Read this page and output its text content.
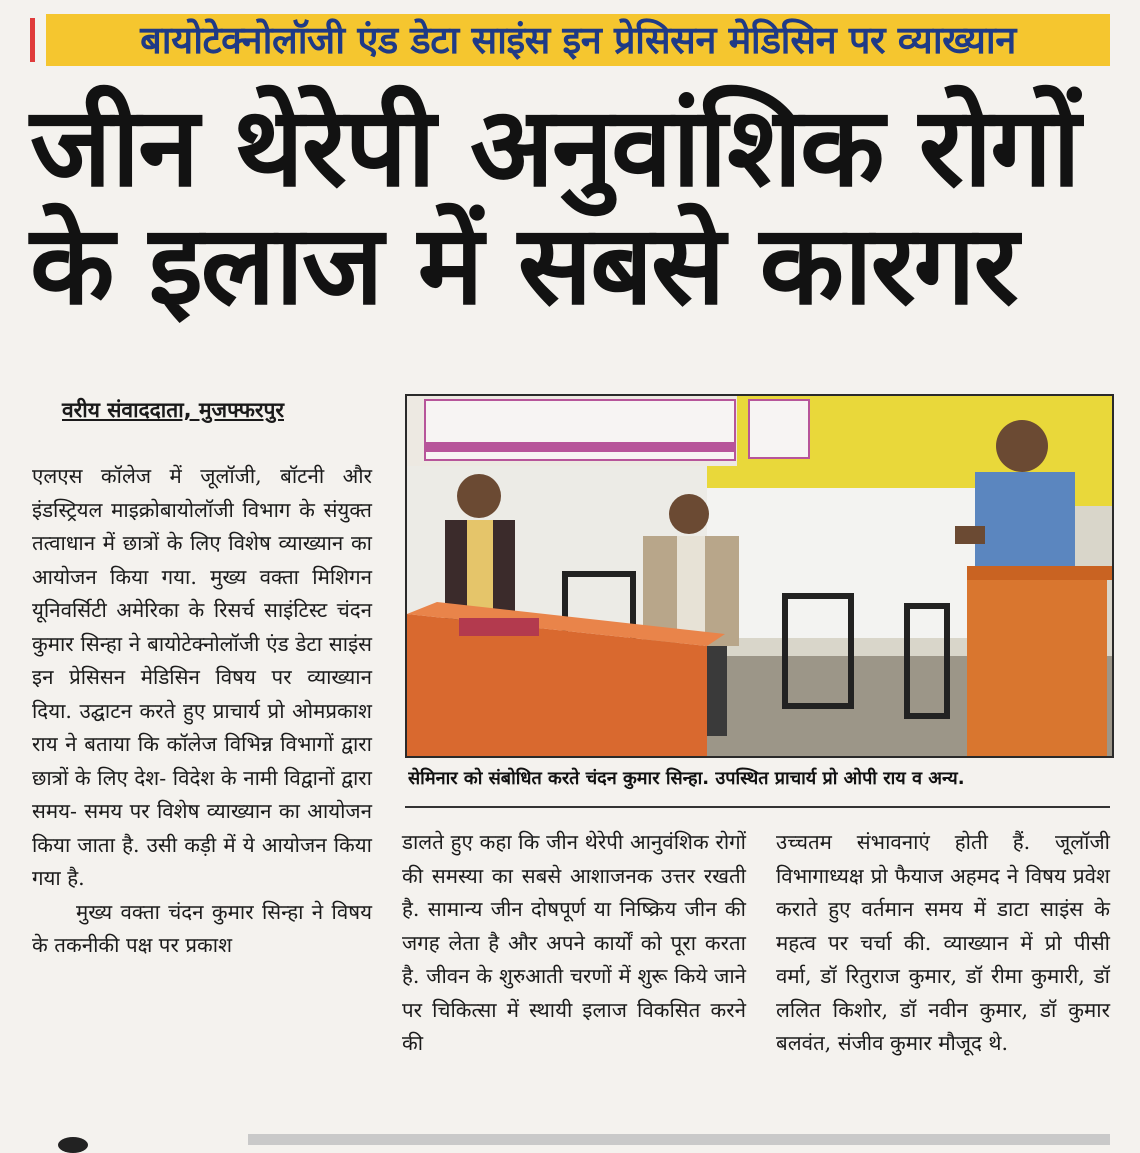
बायोटेक्नोलॉजी एंड डेटा साइंस इन प्रेसिसन मेडिसिन पर व्याख्यान
जीन थेरेपी अनुवांशिक रोगों
के इलाज में सबसे कारगर
वरीय संवाददाता, मुजफ्फरपुर

एलएस कॉलेज में जूलॉजी, बॉटनी और इंडस्ट्रियल माइक्रोबायोलॉजी विभाग के संयुक्त तत्वाधान में छात्रों के लिए विशेष व्याख्यान का आयोजन किया गया. मुख्य वक्ता मिशिगन यूनिवर्सिटी अमेरिका के रिसर्च साइंटिस्ट चंदन कुमार सिन्हा ने बायोटेक्नोलॉजी एंड डेटा साइंस इन प्रेसिसन मेडिसिन विषय पर व्याख्यान दिया. उद्घाटन करते हुए प्राचार्य प्रो ओमप्रकाश राय ने बताया कि कॉलेज विभिन्न विभागों द्वारा छात्रों के लिए देश- विदेश के नामी विद्वानों द्वारा समय- समय पर विशेष व्याख्यान का आयोजन किया जाता है. उसी कड़ी में ये आयोजन किया गया है.

मुख्य वक्ता चंदन कुमार सिन्हा ने विषय के तकनीकी पक्ष पर प्रकाश

सेमिनार को संबोधित करते चंदन कुमार सिन्हा. उपस्थित प्राचार्य प्रो ओपी राय व अन्य.

डालते हुए कहा कि जीन थेरेपी आनुवंशिक रोगों की समस्या का सबसे आशाजनक उत्तर रखती है. सामान्य जीन दोषपूर्ण या निष्क्रिय जीन की जगह लेता है और अपने कार्यों को पूरा करता है. जीवन के शुरुआती चरणों में शुरू किये जाने पर चिकित्सा में स्थायी इलाज विकसित करने की

उच्चतम संभावनाएं होती हैं. जूलॉजी विभागाध्यक्ष प्रो फैयाज अहमद ने विषय प्रवेश कराते हुए वर्तमान समय में डाटा साइंस के महत्व पर चर्चा की. व्याख्यान में प्रो पीसी वर्मा, डॉ रितुराज कुमार, डॉ रीमा कुमारी, डॉ ललित किशोर, डॉ नवीन कुमार, डॉ कुमार बलवंत, संजीव कुमार मौजूद थे.
